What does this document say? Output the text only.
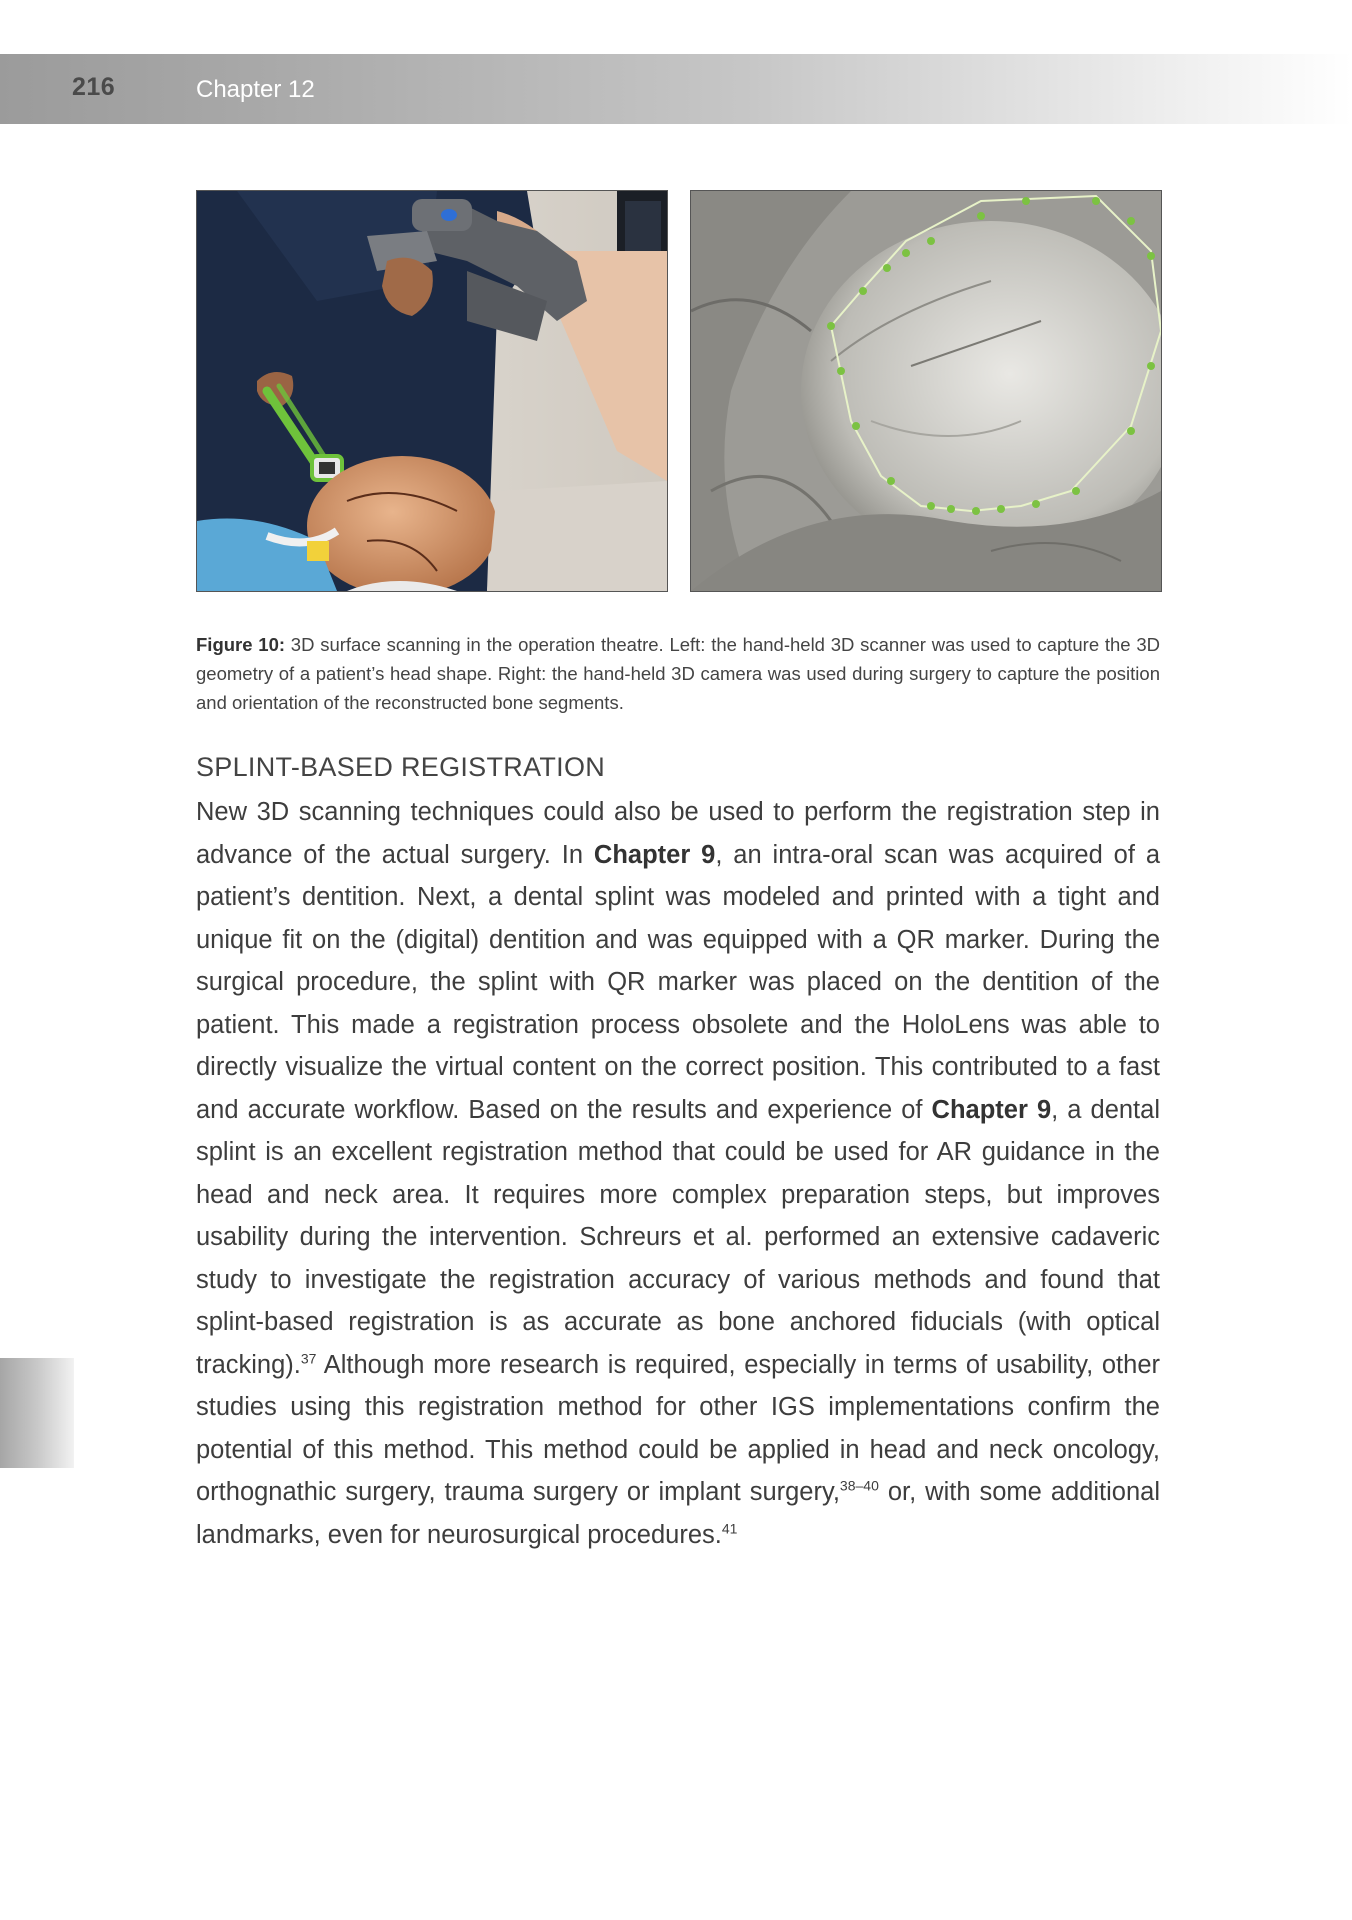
216	Chapter 12
Figure 10: 3D surface scanning in the operation theatre. Left: the hand-held 3D scanner was used to capture the 3D geometry of a patient’s head shape. Right: the hand-held 3D camera was used during surgery to capture the position and orientation of the reconstructed bone segments.
SPLINT-BASED REGISTRATION

New 3D scanning techniques could also be used to perform the registration step in advance of the actual surgery. In Chapter 9, an intra-oral scan was acquired of a patient’s dentition. Next, a dental splint was modeled and printed with a tight and unique fit on the (digital) dentition and was equipped with a QR marker. During the surgical procedure, the splint with QR marker was placed on the dentition of the patient. This made a registration process obsolete and the HoloLens was able to directly visualize the virtual content on the correct position. This contributed to a fast and accurate workflow. Based on the results and experience of Chapter 9, a dental splint is an excellent registration method that could be used for AR guidance in the head and neck area. It requires more complex preparation steps, but improves usability during the intervention. Schreurs et al. performed an extensive cadaveric study to investigate the registration accuracy of various methods and found that splint-based registration is as accurate as bone anchored fiducials (with optical tracking).$^{37}$ Although more research is required, especially in terms of usability, other studies using this registration method for other IGS implementations confirm the potential of this method. This method could be applied in head and neck oncology, orthognathic surgery, trauma surgery or implant surgery,$^{38-40}$ or, with some additional landmarks, even for neurosurgical procedures.$^{41}$
